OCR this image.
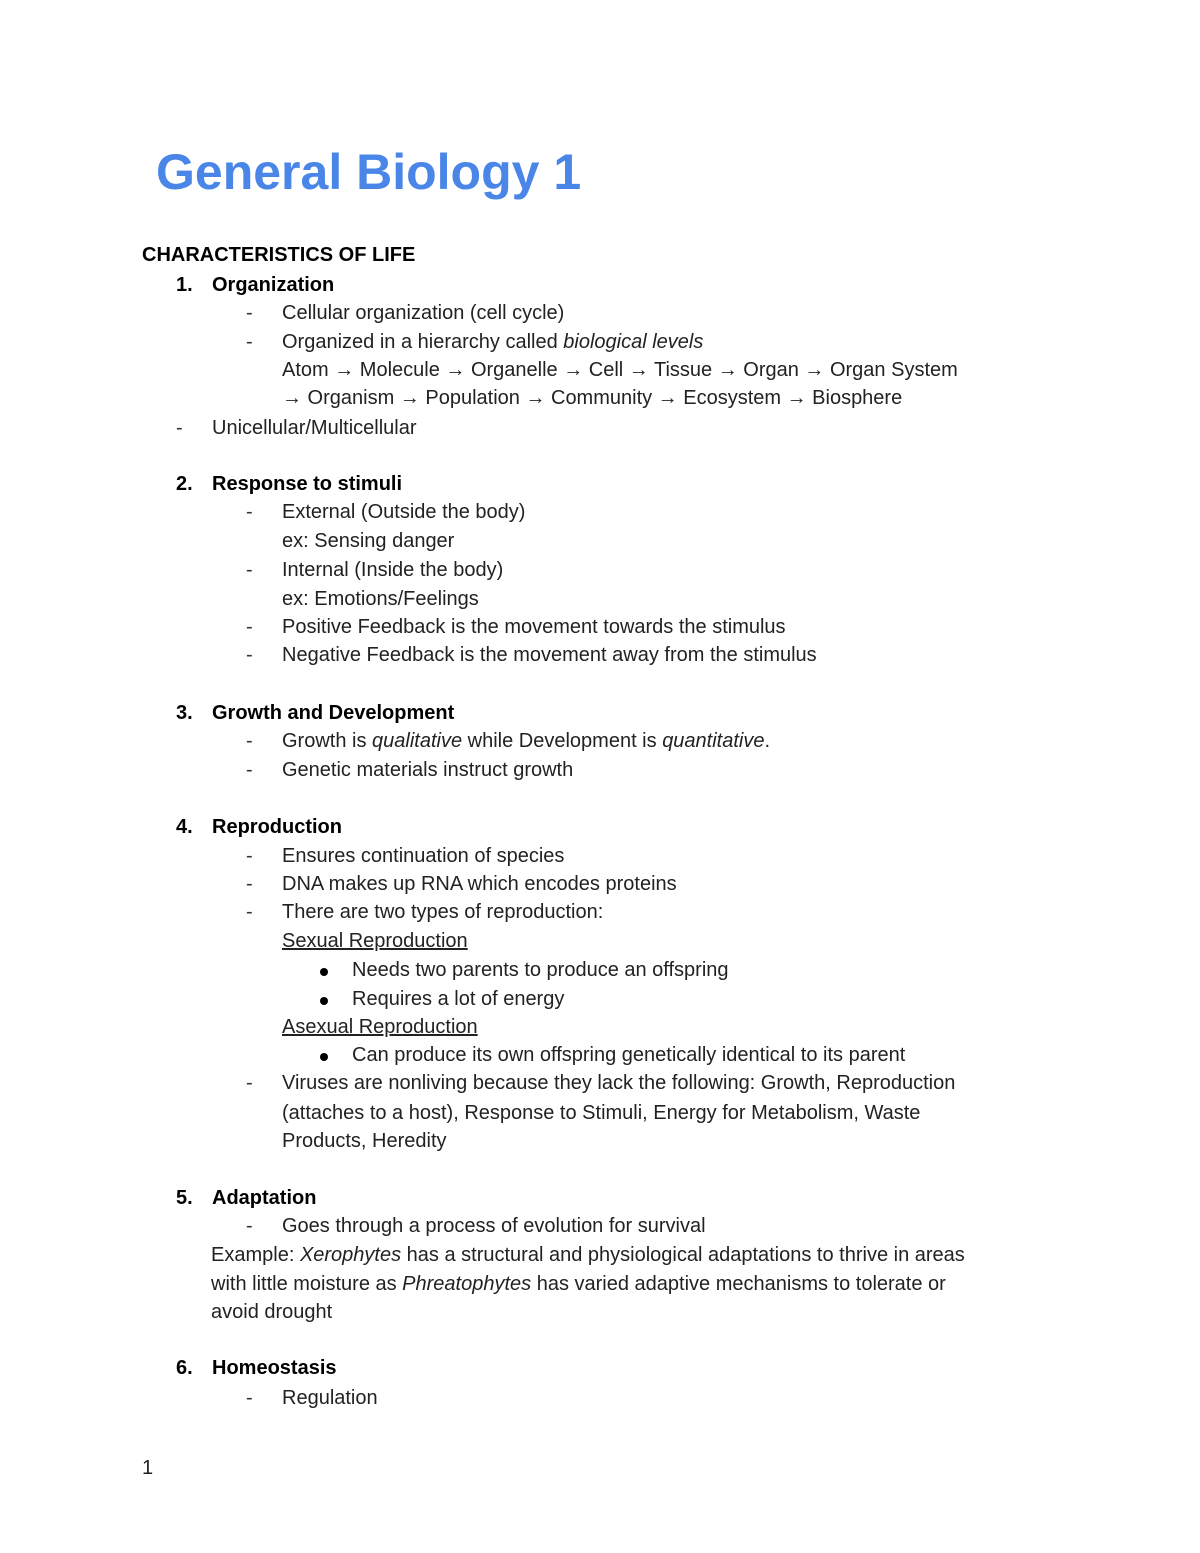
General Biology 1
CHARACTERISTICS OF LIFE
1. Organization
- Cellular organization (cell cycle)
- Organized in a hierarchy called biological levels
Atom → Molecule → Organelle → Cell → Tissue → Organ → Organ System
→ Organism → Population → Community → Ecosystem → Biosphere
- Unicellular/Multicellular
2. Response to stimuli
- External (Outside the body)
ex: Sensing danger
- Internal (Inside the body)
ex: Emotions/Feelings
- Positive Feedback is the movement towards the stimulus
- Negative Feedback is the movement away from the stimulus
3. Growth and Development
- Growth is qualitative while Development is quantitative.
- Genetic materials instruct growth
4. Reproduction
- Ensures continuation of species
- DNA makes up RNA which encodes proteins
- There are two types of reproduction:
Sexual Reproduction
Needs two parents to produce an offspring
Requires a lot of energy
Asexual Reproduction
Can produce its own offspring genetically identical to its parent
- Viruses are nonliving because they lack the following: Growth, Reproduction
(attaches to a host), Response to Stimuli, Energy for Metabolism, Waste
Products, Heredity
5. Adaptation
- Goes through a process of evolution for survival
Example: Xerophytes has a structural and physiological adaptations to thrive in areas
with little moisture as Phreatophytes has varied adaptive mechanisms to tolerate or
avoid drought
6. Homeostasis
- Regulation
1
